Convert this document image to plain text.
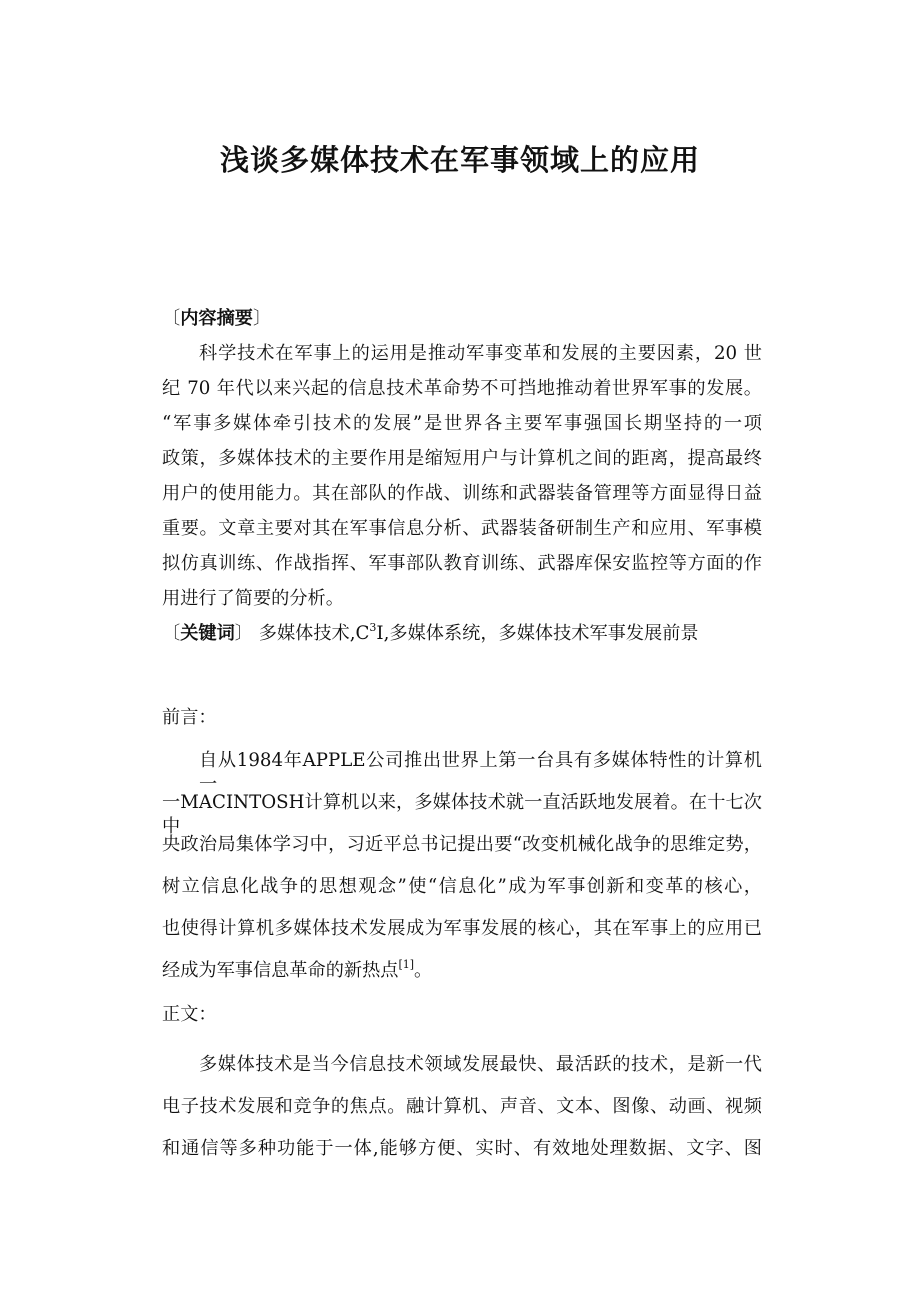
浅谈多媒体技术在军事领域上的应用
〔内容摘要〕
科学技术在军事上的运用是推动军事变革和发展的主要因素，20 世
纪 70 年代以来兴起的信息技术革命势不可挡地推动着世界军事的发展。
“军事多媒体牵引技术的发展”是世界各主要军事强国长期坚持的一项
政策，多媒体技术的主要作用是缩短用户与计算机之间的距离，提高最终
用户的使用能力。其在部队的作战、训练和武器装备管理等方面显得日益
重要。文章主要对其在军事信息分析、武器装备研制生产和应用、军事模
拟仿真训练、作战指挥、军事部队教育训练、武器库保安监控等方面的作
用进行了简要的分析。
〔关键词〕 多媒体技术$,C^3I$,多媒体系统，多媒体技术军事发展前景
前言：
自从1984年APPLE公司推出世界上第一台具有多媒体特性的计算机一
一MACINTOSH计算机以来，多媒体技术就一直活跃地发展着。在十七次中
央政治局集体学习中，习近平总书记提出要“改变机械化战争的思维定势，
树立信息化战争的思想观念”使“信息化”成为军事创新和变革的核心，
也使得计算机多媒体技术发展成为军事发展的核心，其在军事上的应用已
经成为军事信息革命的新热点[1]。
正文：
多媒体技术是当今信息技术领域发展最快、最活跃的技术，是新一代
电子技术发展和竞争的焦点。融计算机、声音、文本、图像、动画、视频
和通信等多种功能于一体,能够方便、实时、有效地处理数据、文字、图
